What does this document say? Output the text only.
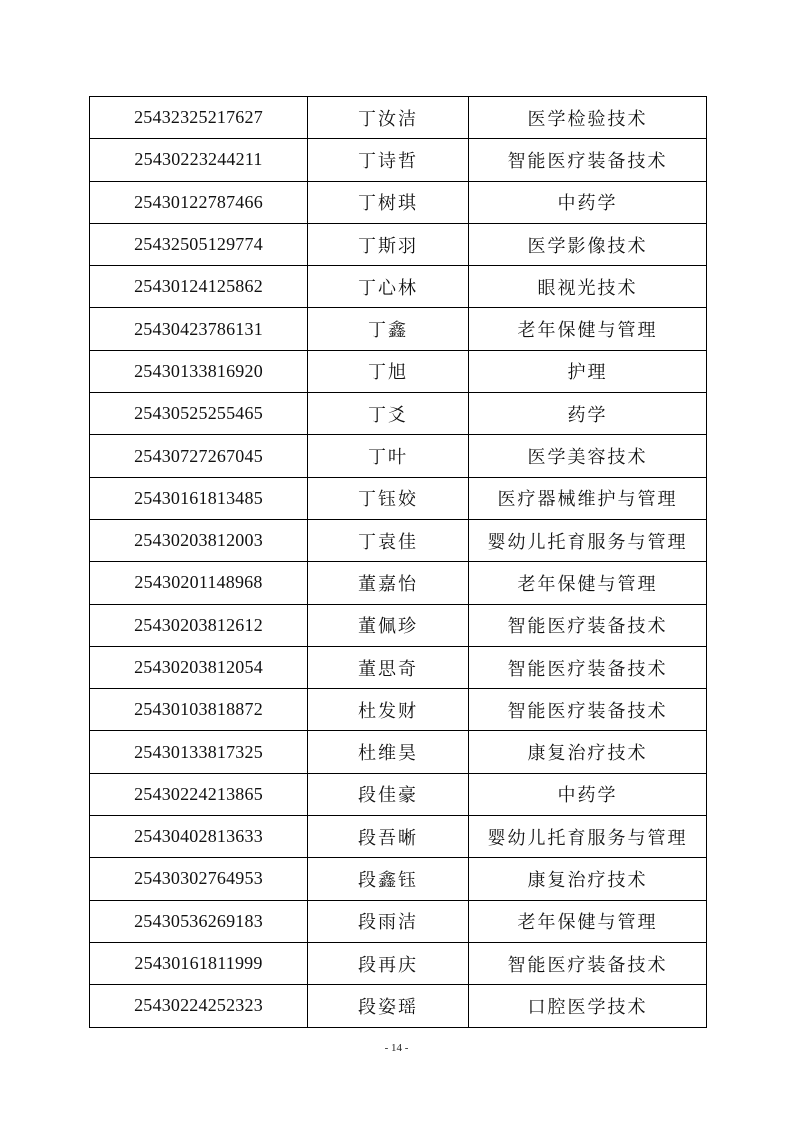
25432325217627	丁汝洁	医学检验技术
25430223244211	丁诗哲	智能医疗装备技术
25430122787466	丁树琪	中药学
25432505129774	丁斯羽	医学影像技术
25430124125862	丁心林	眼视光技术
25430423786131	丁鑫	老年保健与管理
25430133816920	丁旭	护理
25430525255465	丁爻	药学
25430727267045	丁叶	医学美容技术
25430161813485	丁钰姣	医疗器械维护与管理
25430203812003	丁袁佳	婴幼儿托育服务与管理
25430201148968	董嘉怡	老年保健与管理
25430203812612	董佩珍	智能医疗装备技术
25430203812054	董思奇	智能医疗装备技术
25430103818872	杜发财	智能医疗装备技术
25430133817325	杜维昊	康复治疗技术
25430224213865	段佳豪	中药学
25430402813633	段吾晰	婴幼儿托育服务与管理
25430302764953	段鑫钰	康复治疗技术
25430536269183	段雨洁	老年保健与管理
25430161811999	段再庆	智能医疗装备技术
25430224252323	段姿瑶	口腔医学技术
- 14 -
